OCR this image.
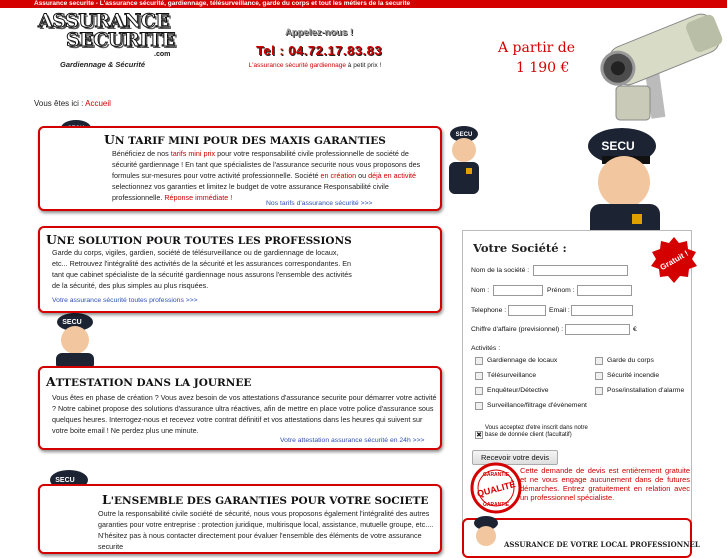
Assurance securite - L'assurance sécurité, gardiennage, télésurveillance, garde du corps et tout les métiers de la securite
ASSURANCE
SECURITE
.com
Gardiennage & Sécurité
Appelez-nous !
Tel : 04.72.17.83.83
L'assurance sécurité gardiennage à petit prix !
A partir de
1 190 €
Vous êtes ici : Accueil
SECU
SECU
SECU
SECU
UN TARIF MINI POUR DES MAXIS GARANTIES

Bénéficiez de nos tarifs mini prix pour votre responsabilité civile professionnelle de société de sécurité gardiennage ! En tant que spécialistes de l'assurance securite nous vous proposons des formules sur-mesures pour votre activité professionnelle. Société en création ou déjà en activité selectionnez vos garanties et limitez le budget de votre assurance Responsabilité civile professionnelle. Réponse immédiate !

Nos tarifs d'assurance sécurité >>>
UNE SOLUTION POUR TOUTES LES PROFESSIONS

Garde du corps, vigiles, gardien, société de télésurveillance ou de gardiennage de locaux, etc... Retrouvez l'intégralité des activités de la sécurité et les assurances correspondantes. En tant que cabinet spécialiste de la sécurité gardiennage nous assurons l'ensemble des activités de la sécurité, des plus simples au plus risquées.

Votre assurance sécurité toutes professions >>>
ATTESTATION DANS LA JOURNEE

Vous êtes en phase de création ? Vous avez besoin de vos attestations d'assurance securite pour démarrer votre activité ? Notre cabinet propose des solutions d'assurance ultra réactives, afin de mettre en place votre police d'assurance sous quelques heures. Interrogez-nous et recevez votre contrat définitif et vos attestations dans les heures qui suivent sur votre boite email ! Ne perdez plus une minute.

Votre attestation assurance sécurité en 24h >>>
L'ENSEMBLE DES GARANTIES POUR VOTRE SOCIETE

Outre la responsabilité civile société de sécurité, nous vous proposons également l'intégralité des autres garanties pour votre entreprise : protection juridique, multirisque local, assistance, mutuelle groupe, etc.... N'hésitez pas à nous contacter directement pour évaluer l'ensemble des éléments de votre assurance securite

Votre Société :
Gratuit !
Nom de la société :
Nom :	Prénom :
Telephone :	Email :
Chiffre d'affaire (previsionnel) :	€
Activités :
Gardiennage de locaux	Garde du corps
Télésurveillance	Sécurité incendie
Enquêteur/Détective	Pose/installation d'alarme
Surveillance/filtrage d'évènement
✖
Vous acceptez d'etre inscrit dans notre base de donnée client (facultatif)
Recevoir votre devis
Cette demande de devis est entièrement gratuite et ne vous engage aucunement dans de futures démarches. Entrez gratuitement en relation avec un professionnel spécialiste.
GARANTIE
QUALITÉ
GARANTIE
ASSURANCE DE VOTRE LOCAL PROFESSIONNEL
